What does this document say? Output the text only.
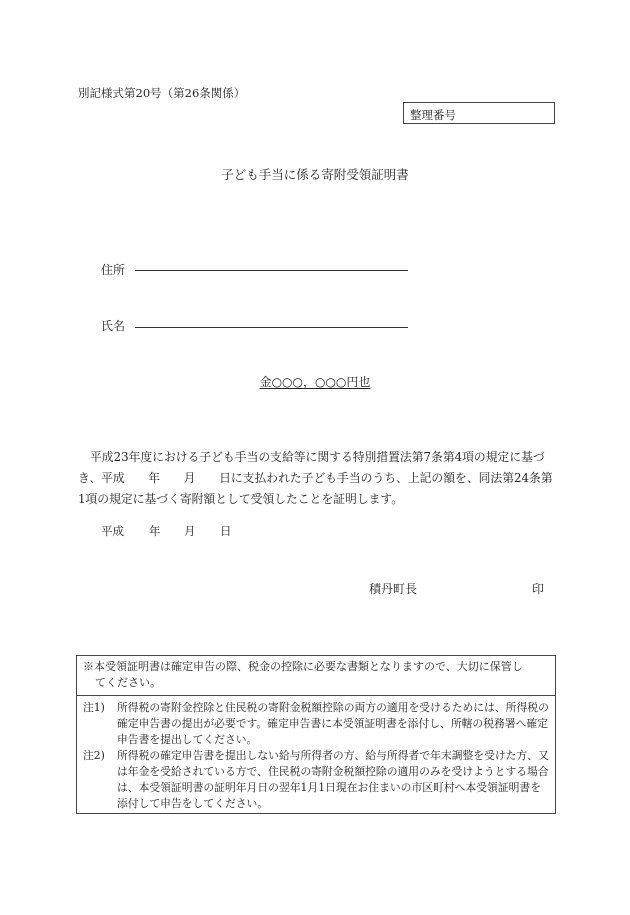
別記様式第20号（第26条関係）
整理番号
子ども手当に係る寄附受領証明書
住所
氏名
金○○○，○○○円也
平成23年度における子ども手当の支給等に関する特別措置法第7条第4項の規定に基づき、平成　　年　　月　　日に支払われた子ども手当のうち、上記の額を、同法第24条第1項の規定に基づく寄附額として受領したことを証明します。
平成 年 月 日
積丹町長	印

※本受領証明書は確定申告の際、税金の控除に必要な書類となりますので、大切に保管し
てください。

注1) 所得税の寄附金控除と住民税の寄附金税額控除の両方の適用を受けるためには、所得税の確定申告書の提出が必要です。確定申告書に本受領証明書を添付し、所轄の税務署へ確定申告書を提出してください。
注2) 所得税の確定申告書を提出しない給与所得者の方、給与所得者で年末調整を受けた方、又は年金を受給されている方で、住民税の寄附金税額控除の適用のみを受けようとする場合は、本受領証明書の証明年月日の翌年1月1日現在お住まいの市区町村へ本受領証明書を添付して申告をしてください。
